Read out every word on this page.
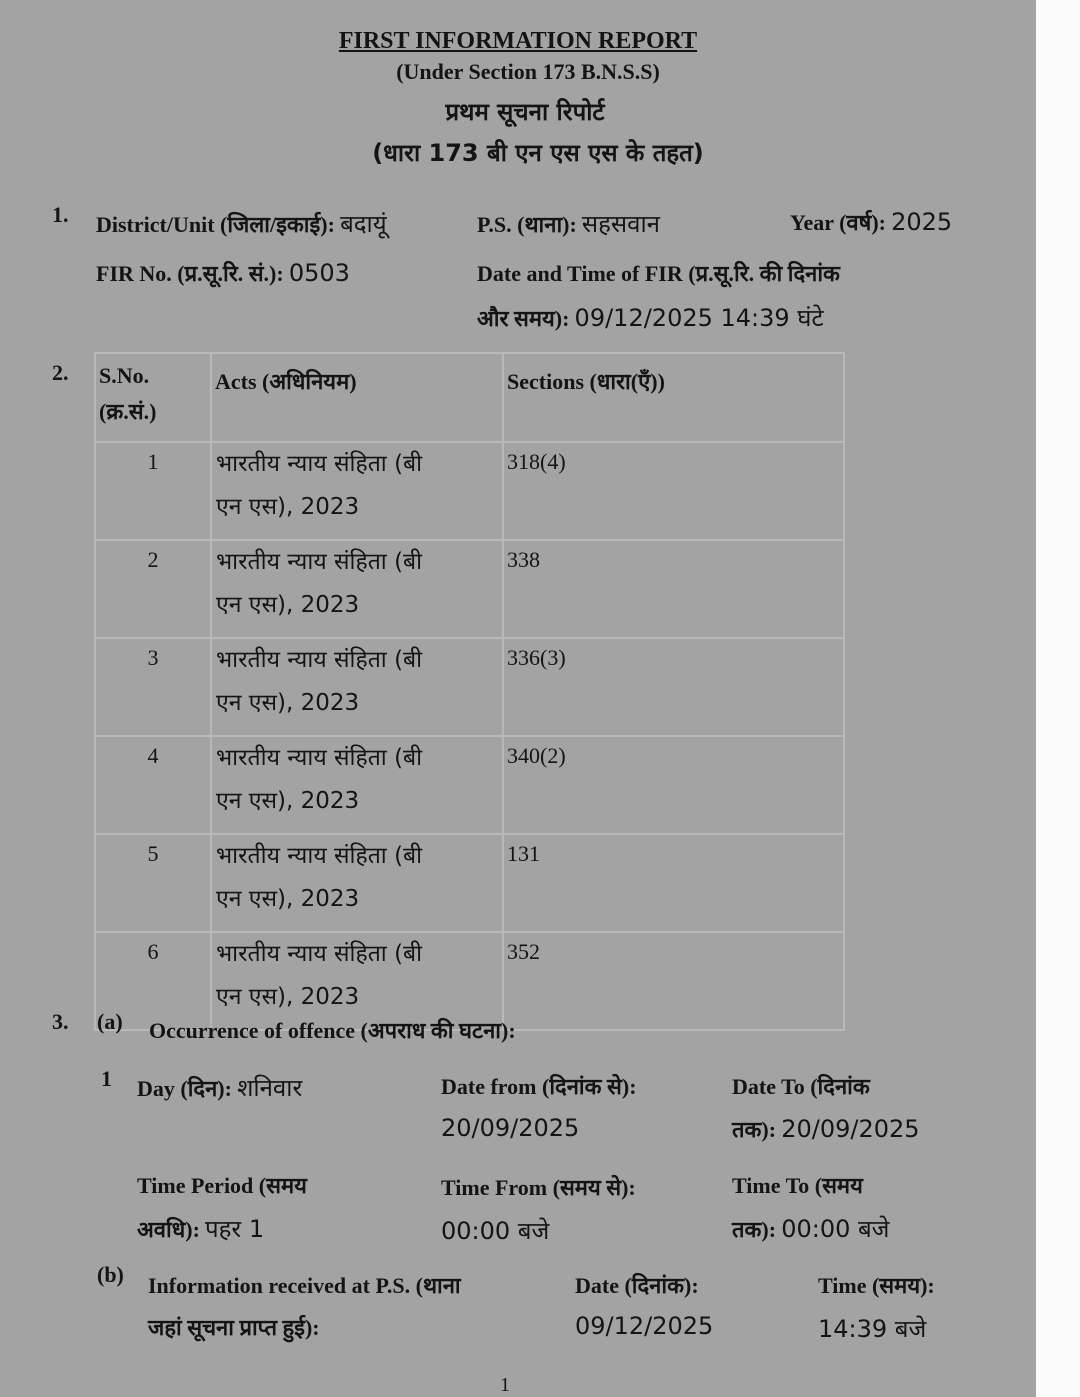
FIRST INFORMATION REPORT
(Under Section 173 B.N.S.S)
प्रथम सूचना रिपोर्ट
(धारा 173 बी एन एस एस के तहत)
1. District/Unit (जिला/इकाई): बदायूं	P.S. (थाना): सहसवान	Year (वर्ष): 2025
FIR No. (प्र.सू.रि. सं.): 0503	Date and Time of FIR (प्र.सू.रि. की दिनांक
और समय): 09/12/2025 14:39 घंटे
2. S.No.
(क्र.सं.)	Acts (अधिनियम)	Sections (धारा(एँ))
1	भारतीय न्याय संहिता (बी
एन एस), 2023	318(4)
2	भारतीय न्याय संहिता (बी
एन एस), 2023	338
3	भारतीय न्याय संहिता (बी
एन एस), 2023	336(3)
4	भारतीय न्याय संहिता (बी
एन एस), 2023	340(2)
5	भारतीय न्याय संहिता (बी
एन एस), 2023	131
6	भारतीय न्याय संहिता (बी
एन एस), 2023	352
3. (a) Occurrence of offence (अपराध की घटना):
1 Day (दिन): शनिवार	Date from (दिनांक से):
20/09/2025
Date To (दिनांक
तक): 20/09/2025
Time Period (समय
अवधि): पहर 1
Time From (समय से):
00:00 बजे
Time To (समय
तक): 00:00 बजे
(b) Information received at P.S. (थाना
जहां सूचना प्राप्त हुई):
Date (दिनांक):
09/12/2025
Time (समय):
14:39 बजे
1
